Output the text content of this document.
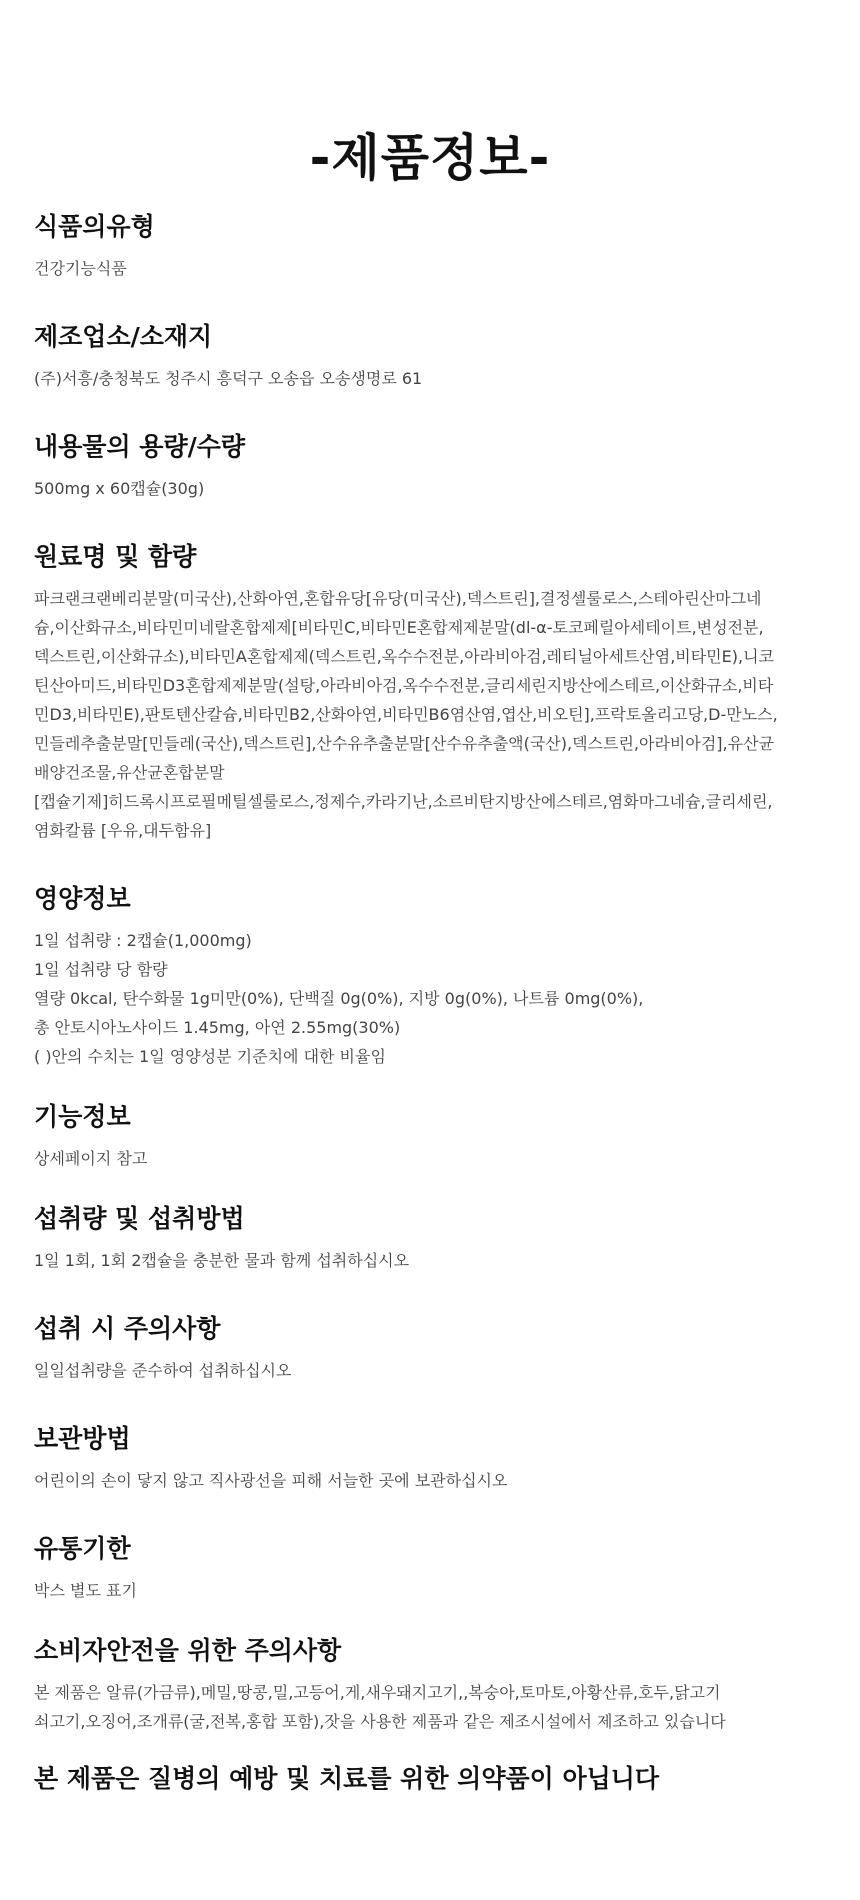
-제품정보-
식품의유형
건강기능식품
제조업소/소재지
(주)서흥/충청북도 청주시 흥덕구 오송읍 오송생명로 61
내용물의 용량/수량
500mg x 60캡슐(30g)
원료명 및 함량
파크랜크랜베리분말(미국산),산화아연,혼합유당[유당(미국산),덱스트린],결정셀룰로스,스테아린산마그네
슘,이산화규소,비타민미네랄혼합제제[비타민C,비타민E혼합제제분말(dl-α-토코페릴아세테이트,변성전분,
덱스트린,이산화규소),비타민A혼합제제(덱스트린,옥수수전분,아라비아검,레티닐아세트산염,비타민E),니코
틴산아미드,비타민D3혼합제제분말(설탕,아라비아검,옥수수전분,글리세린지방산에스테르,이산화규소,비타
민D3,비타민E),판토텐산칼슘,비타민B2,산화아연,비타민B6염산염,엽산,비오틴],프락토올리고당,D-만노스,
민들레추출분말[민들레(국산),덱스트린],산수유추출분말[산수유추출액(국산),덱스트린,아라비아검],유산균
배양건조물,유산균혼합분말
[캡슐기제]히드록시프로필메틸셀룰로스,정제수,카라기난,소르비탄지방산에스테르,염화마그네슘,글리세린,
염화칼륨 [우유,대두함유]
영양정보
1일 섭취량 : 2캡슐(1,000mg)
1일 섭취량 당 함량
열량 0kcal, 탄수화물 1g미만(0%), 단백질 0g(0%), 지방 0g(0%), 나트륨 0mg(0%),
총 안토시아노사이드 1.45mg, 아연 2.55mg(30%)
( )안의 수치는 1일 영양성분 기준치에 대한 비율임
기능정보
상세페이지 참고
섭취량 및 섭취방법
1일 1회, 1회 2캡슐을 충분한 물과 함께 섭취하십시오
섭취 시 주의사항
일일섭취량을 준수하여 섭취하십시오
보관방법
어린이의 손이 닿지 않고 직사광선을 피해 서늘한 곳에 보관하십시오
유통기한
박스 별도 표기
소비자안전을 위한 주의사항
본 제품은 알류(가금류),메밀,땅콩,밀,고등어,게,새우돼지고기,,복숭아,토마토,아황산류,호두,닭고기
쇠고기,오징어,조개류(굴,전복,홍합 포함),잣을 사용한 제품과 같은 제조시설에서 제조하고 있습니다
본 제품은 질병의 예방 및 치료를 위한 의약품이 아닙니다
